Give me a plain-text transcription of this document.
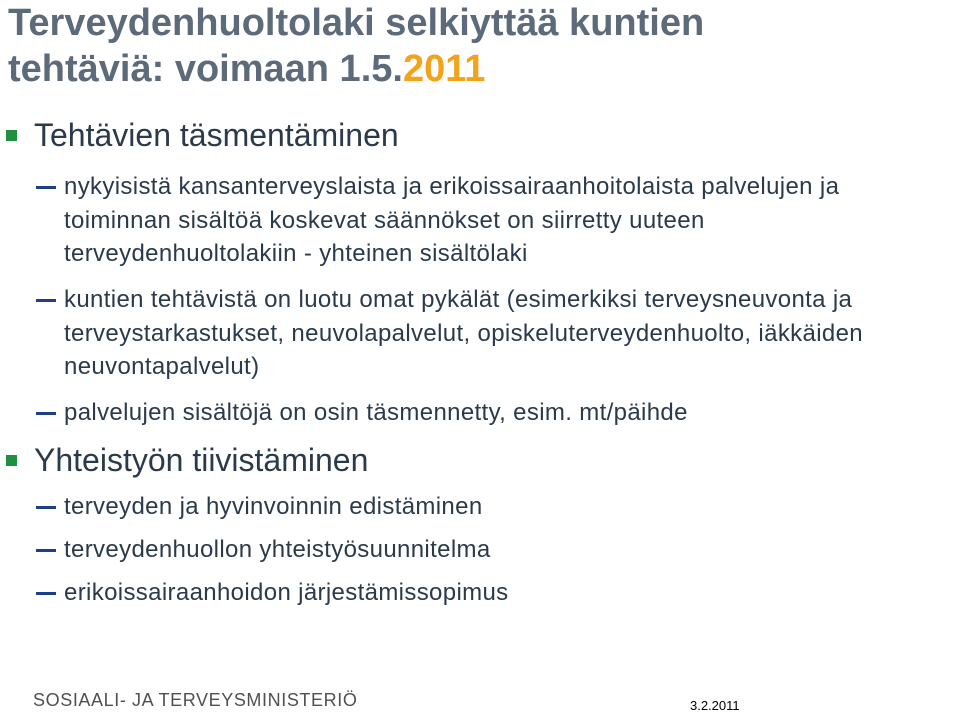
Terveydenhuoltolaki selkiyttää kuntien
tehtäviä: voimaan 1.5.2011
Tehtävien täsmentäminen
nykyisistä kansanterveyslaista ja erikoissairaanhoitolaista palvelujen ja toiminnan sisältöä koskevat säännökset on siirretty uuteen terveydenhuoltolakiin - yhteinen sisältölaki
kuntien tehtävistä on luotu omat pykälät (esimerkiksi terveysneuvonta ja terveystarkastukset, neuvolapalvelut, opiskeluterveydenhuolto, iäkkäiden neuvontapalvelut)
palvelujen sisältöjä on osin täsmennetty, esim. mt/päihde
Yhteistyön tiivistäminen
terveyden ja hyvinvoinnin edistäminen
terveydenhuollon yhteistyösuunnitelma
erikoissairaanhoidon järjestämissopimus
SOSIAALI- JA TERVEYSMINISTERIÖ	3.2.2011
